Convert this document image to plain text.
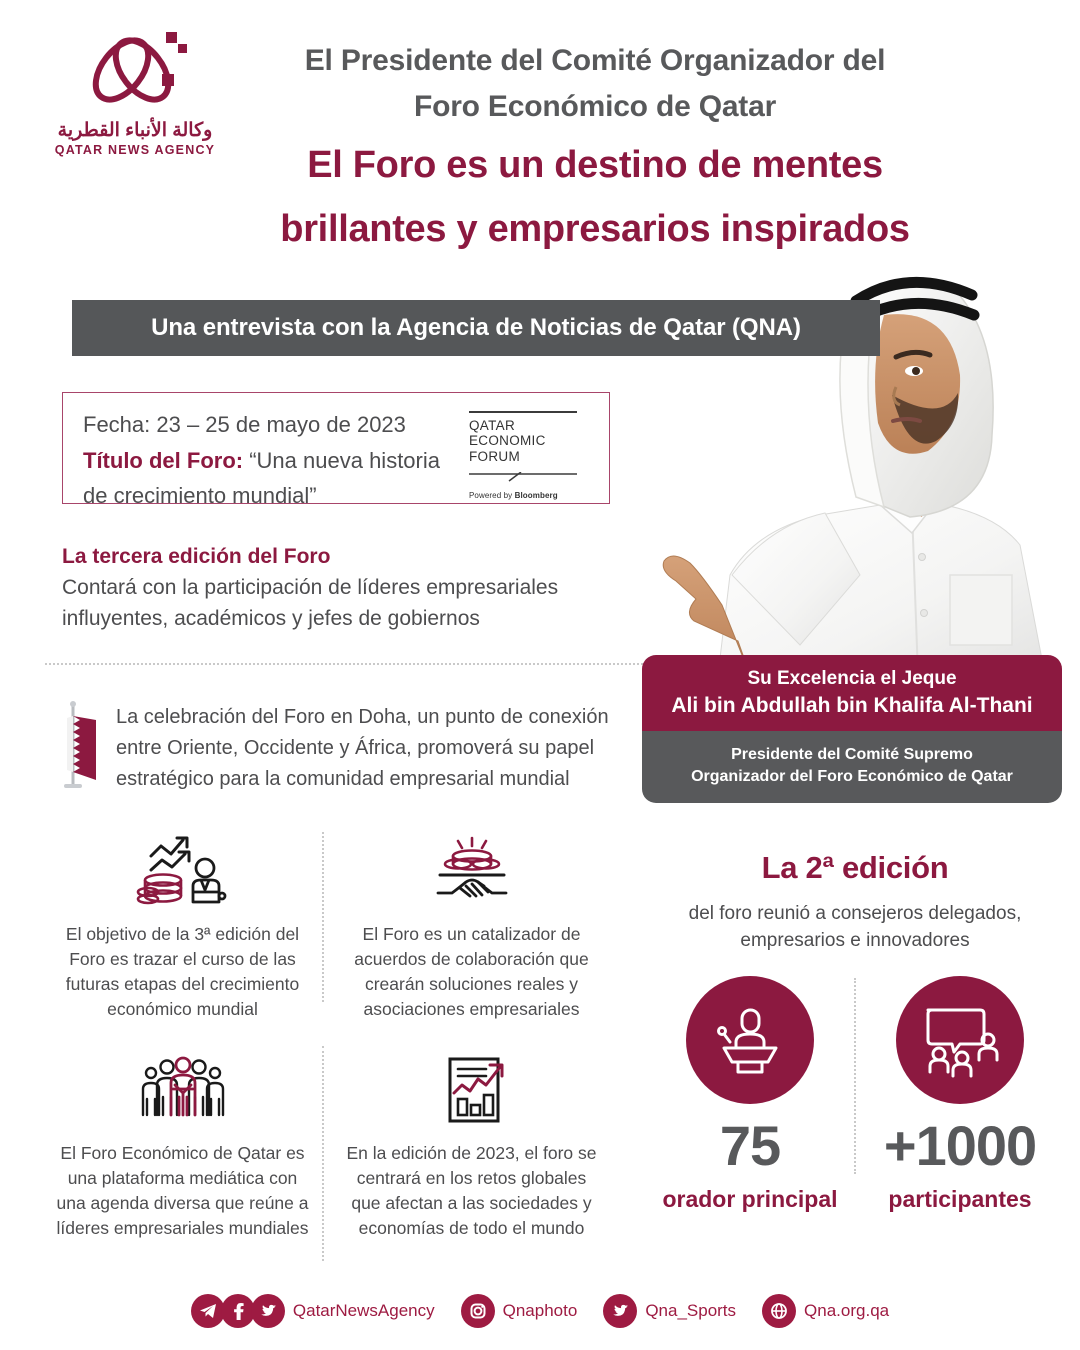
وكالة الأنباء القطرية
QATAR NEWS AGENCY
El Presidente del Comité Organizador del
Foro Económico de Qatar
El Foro es un destino de mentes
brillantes y empresarios inspirados
Una entrevista con la Agencia de Noticias de Qatar (QNA)
Fecha: 23 – 25 de mayo de 2023
Título del Foro: “Una nueva historia
de crecimiento mundial”
QATAR
ECONOMIC
FORUM
Powered by Bloomberg
La tercera edición del Foro
Contará con la participación de líderes empresariales
influyentes, académicos y jefes de gobiernos
La celebración del Foro en Doha, un punto de conexión
entre Oriente, Occidente y África, promoverá su papel
estratégico para la comunidad empresarial mundial
Su Excelencia el Jeque
Ali bin Abdullah bin Khalifa Al-Thani
Presidente del Comité Supremo
Organizador del Foro Económico de Qatar
El objetivo de la 3ª edición del Foro es trazar el curso de las futuras etapas del crecimiento económico mundial
El Foro es un catalizador de acuerdos de colaboración que crearán soluciones reales y asociaciones empresariales
El Foro Económico de Qatar es una plataforma mediática con una agenda diversa que reúne a líderes empresariales mundiales
En la edición de 2023, el foro se centrará en los retos globales que afectan a las sociedades y economías de todo el mundo
La 2ª edición
del foro reunió a consejeros delegados, empresarios e innovadores
75
orador principal
+1000
participantes
QatarNewsAgency	Qnaphoto	Qna_Sports	Qna.org.qa
